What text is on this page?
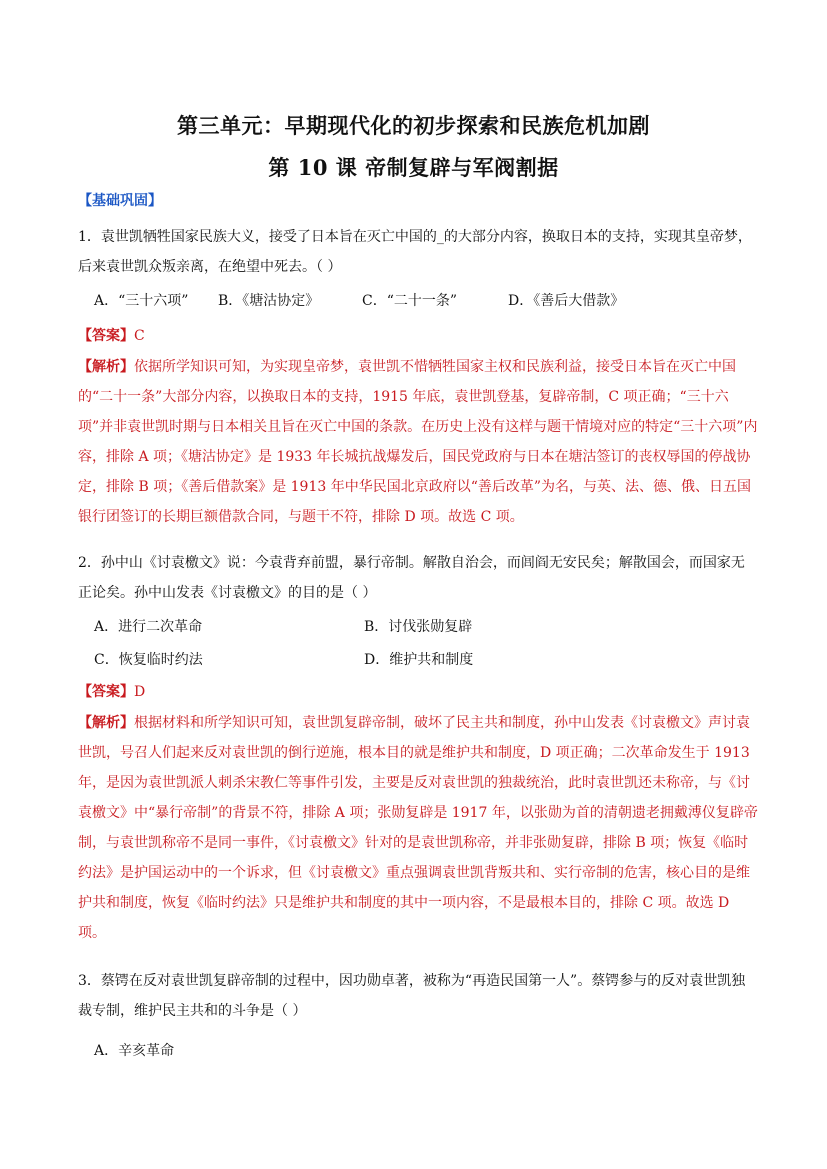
第三单元：早期现代化的初步探索和民族危机加剧
第 10 课 帝制复辟与军阀割据
【基础巩固】
1．袁世凯牺牲国家民族大义，接受了日本旨在灭亡中国的_的大部分内容，换取日本的支持，实现其皇帝梦，后来袁世凯众叛亲离，在绝望中死去。（ ）
A．“三十六项” B．《塘沽协定》	C．“二十一条”	D．《善后大借款》
【答案】C
【解析】依据所学知识可知，为实现皇帝梦，袁世凯不惜牺牲国家主权和民族利益，接受日本旨在灭亡中国的“二十一条”大部分内容，以换取日本的支持，1915 年底，袁世凯登基，复辟帝制，C 项正确；“三十六项”并非袁世凯时期与日本相关且旨在灭亡中国的条款。在历史上没有这样与题干情境对应的特定“三十六项”内容，排除 A 项；《塘沽协定》是 1933 年长城抗战爆发后，国民党政府与日本在塘沽签订的丧权辱国的停战协定，排除 B 项；《善后借款案》是 1913 年中华民国北京政府以“善后改革”为名，与英、法、德、俄、日五国银行团签订的长期巨额借款合同，与题干不符，排除 D 项。故选 C 项。
2．孙中山《讨袁檄文》说：今袁背弃前盟，暴行帝制。解散自治会，而闾阎无安民矣；解散国会，而国家无正论矣。孙中山发表《讨袁檄文》的目的是（ ）
A．进行二次革命	B．讨伐张勋复辟
C．恢复临时约法	D．维护共和制度
【答案】D
【解析】根据材料和所学知识可知，袁世凯复辟帝制，破坏了民主共和制度，孙中山发表《讨袁檄文》声讨袁世凯，号召人们起来反对袁世凯的倒行逆施，根本目的就是维护共和制度，D 项正确；二次革命发生于 1913 年，是因为袁世凯派人刺杀宋教仁等事件引发，主要是反对袁世凯的独裁统治，此时袁世凯还未称帝，与《讨袁檄文》中“暴行帝制”的背景不符，排除 A 项；张勋复辟是 1917 年，以张勋为首的清朝遗老拥戴溥仪复辟帝制，与袁世凯称帝不是同一事件，《讨袁檄文》针对的是袁世凯称帝，并非张勋复辟，排除 B 项；恢复《临时约法》是护国运动中的一个诉求，但《讨袁檄文》重点强调袁世凯背叛共和、实行帝制的危害，核心目的是维护共和制度，恢复《临时约法》只是维护共和制度的其中一项内容，不是最根本目的，排除 C 项。故选 D 项。
3．蔡锷在反对袁世凯复辟帝制的过程中，因功勋卓著，被称为“再造民国第一人”。蔡锷参与的反对袁世凯独裁专制，维护民主共和的斗争是（ ）
A．辛亥革命
